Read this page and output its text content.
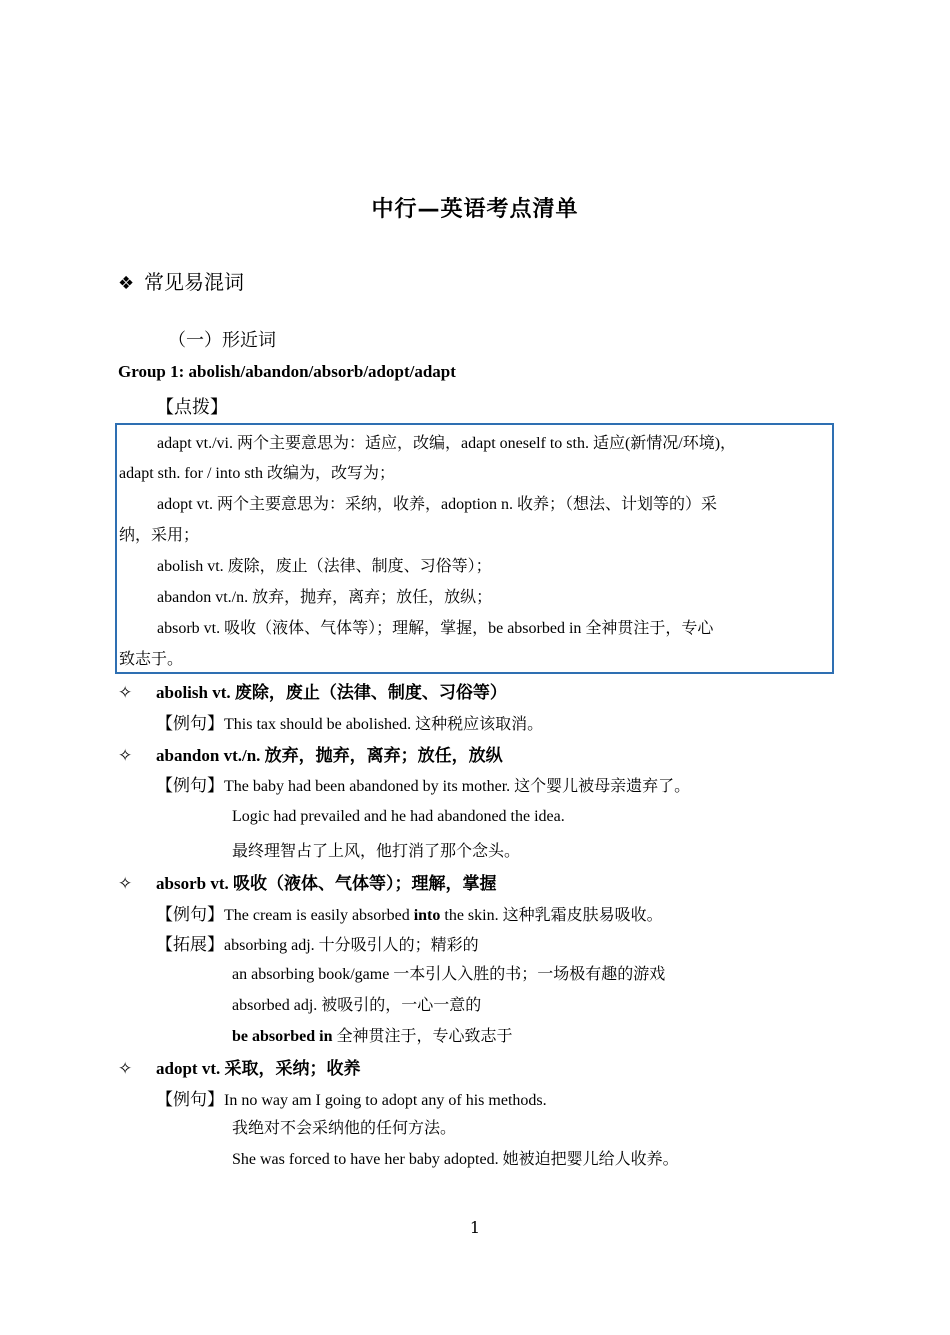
中行—英语考点清单
❖ 常见易混词
（一）形近词
Group 1: abolish/abandon/absorb/adopt/adapt
【点拨】
adapt vt./vi. 两个主要意思为：适应，改编，adapt oneself to sth. 适应(新情况/环境)，
adapt sth. for / into sth 改编为，改写为；
adopt vt. 两个主要意思为：采纳，收养，adoption n. 收养；（想法、计划等的）采
纳，采用；
abolish vt. 废除，废止（法律、制度、习俗等）；
abandon vt./n. 放弃，抛弃，离弃；放任，放纵；
absorb vt. 吸收（液体、气体等）；理解，掌握，be absorbed in 全神贯注于，专心
致志于。
✧ abolish vt. 废除，废止（法律、制度、习俗等）
【例句】This tax should be abolished. 这种税应该取消。
✧ abandon vt./n. 放弃，抛弃，离弃；放任，放纵
【例句】The baby had been abandoned by its mother. 这个婴儿被母亲遗弃了。
Logic had prevailed and he had abandoned the idea.
最终理智占了上风，他打消了那个念头。
✧ absorb vt. 吸收（液体、气体等）；理解，掌握
【例句】The cream is easily absorbed into the skin. 这种乳霜皮肤易吸收。
【拓展】absorbing adj. 十分吸引人的；精彩的
an absorbing book/game 一本引人入胜的书；一场极有趣的游戏
absorbed adj. 被吸引的，一心一意的
be absorbed in 全神贯注于，专心致志于
✧ adopt vt. 采取，采纳；收养
【例句】In no way am I going to adopt any of his methods.
我绝对不会采纳他的任何方法。
She was forced to have her baby adopted. 她被迫把婴儿给人收养。
1
